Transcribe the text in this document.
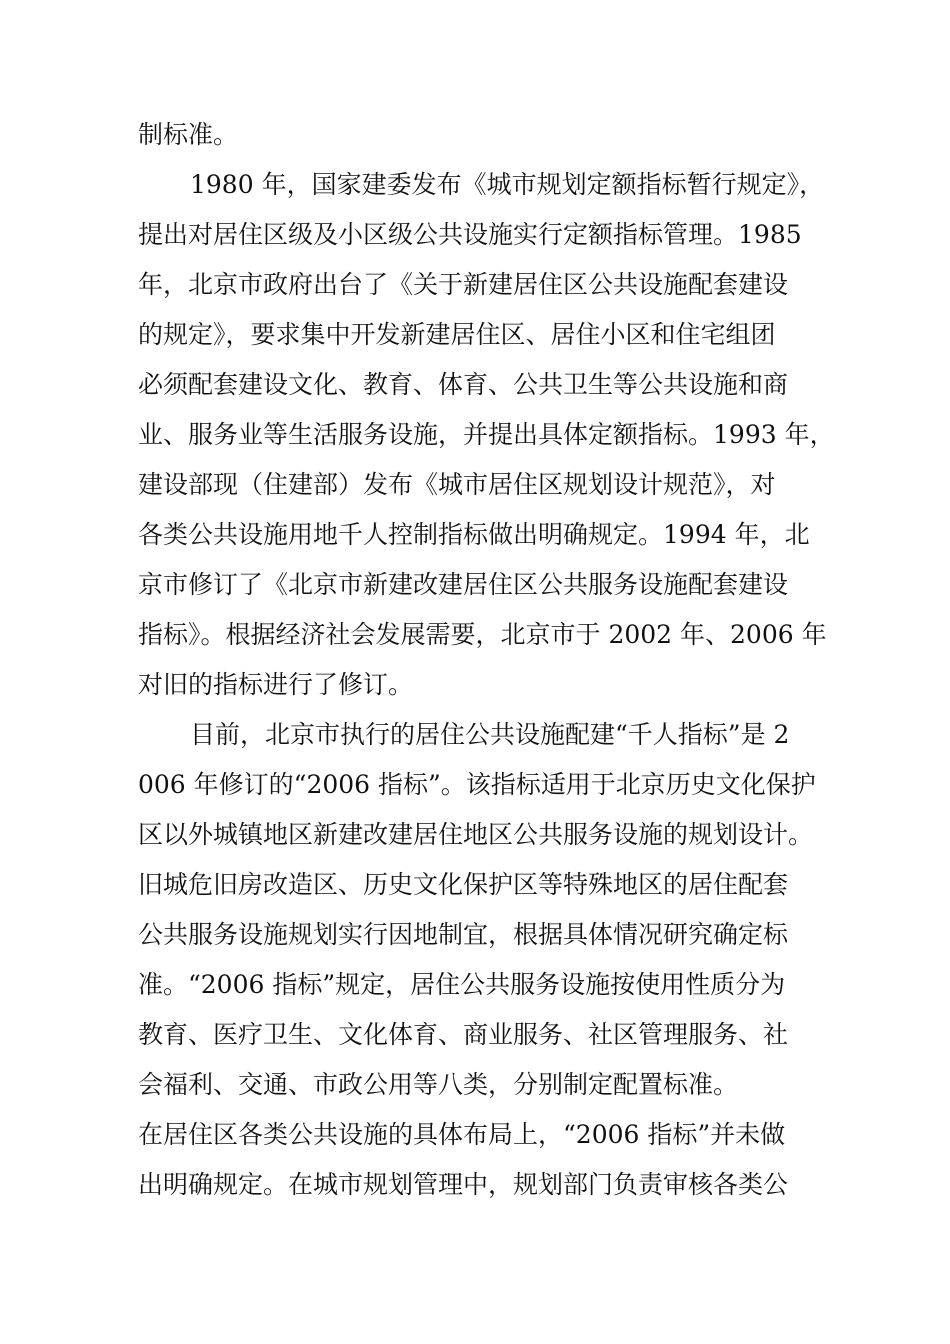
制标准。
1980 年，国家建委发布《城市规划定额指标暂行规定》，
提出对居住区级及小区级公共设施实行定额指标管理。1985
年，北京市政府出台了《关于新建居住区公共设施配套建设
的规定》，要求集中开发新建居住区、居住小区和住宅组团
必须配套建设文化、教育、体育、公共卫生等公共设施和商
业、服务业等生活服务设施，并提出具体定额指标。1993 年，
建设部现（住建部）发布《城市居住区规划设计规范》，对
各类公共设施用地千人控制指标做出明确规定。1994 年，北
京市修订了《北京市新建改建居住区公共服务设施配套建设
指标》。根据经济社会发展需要，北京市于 2002 年、2006 年
对旧的指标进行了修订。
目前，北京市执行的居住公共设施配建“千人指标”是 2
006 年修订的“2006 指标”。该指标适用于北京历史文化保护
区以外城镇地区新建改建居住地区公共服务设施的规划设计。
旧城危旧房改造区、历史文化保护区等特殊地区的居住配套
公共服务设施规划实行因地制宜，根据具体情况研究确定标
准。“2006 指标”规定，居住公共服务设施按使用性质分为
教育、医疗卫生、文化体育、商业服务、社区管理服务、社
会福利、交通、市政公用等八类，分别制定配置标准。
在居住区各类公共设施的具体布局上，“2006 指标”并未做
出明确规定。在城市规划管理中，规划部门负责审核各类公
